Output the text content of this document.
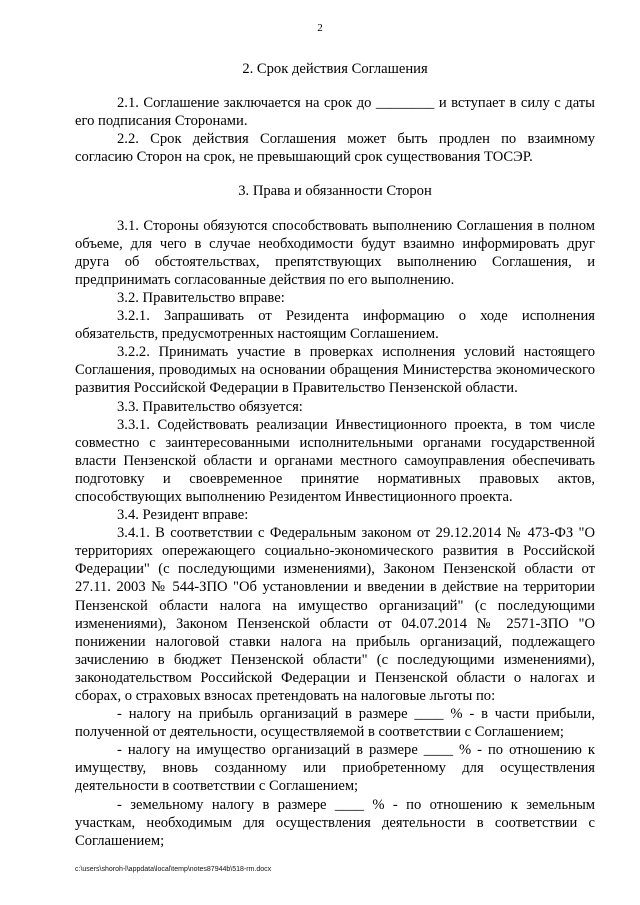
2

2. Срок действия Соглашения

2.1. Соглашение заключается на срок до ________ и вступает в силу с даты его подписания Сторонами.

2.2. Срок действия Соглашения может быть продлен по взаимному согласию Сторон на срок, не превышающий срок существования ТОСЭР.

3. Права и обязанности Сторон

3.1. Стороны обязуются способствовать выполнению Соглашения в полном объеме, для чего в случае необходимости будут взаимно информировать друг друга об обстоятельствах, препятствующих выполнению Соглашения, и предпринимать согласованные действия по его выполнению.

3.2. Правительство вправе:

3.2.1. Запрашивать от Резидента информацию о ходе исполнения обязательств, предусмотренных настоящим Соглашением.

3.2.2. Принимать участие в проверках исполнения условий настоящего Соглашения, проводимых на основании обращения Министерства экономического развития Российской Федерации в Правительство Пензенской области.

3.3. Правительство обязуется:

3.3.1. Содействовать реализации Инвестиционного проекта, в том числе совместно с заинтересованными исполнительными органами государственной власти Пензенской области и органами местного самоуправления обеспечивать подготовку и своевременное принятие нормативных правовых актов, способствующих выполнению Резидентом Инвестиционного проекта.

3.4. Резидент вправе:

3.4.1. В соответствии с Федеральным законом от 29.12.2014 № 473-ФЗ "О территориях опережающего социально-экономического развития в Российской Федерации" (с последующими изменениями), Законом Пензенской области от 27.11. 2003 № 544-ЗПО "Об установлении и введении в действие на территории Пензенской области налога на имущество организаций" (с последующими изменениями), Законом Пензенской области от 04.07.2014 № 2571-ЗПО "О понижении налоговой ставки налога на прибыль организаций, подлежащего зачислению в бюджет Пензенской области" (с последующими изменениями), законодательством Российской Федерации и Пензенской области о налогах и сборах, о страховых взносах претендовать на налоговые льготы по:

- налогу на прибыль организаций в размере ____ % - в части прибыли, полученной от деятельности, осуществляемой в соответствии с Соглашением;

- налогу на имущество организаций в размере ____ % - по отношению к имуществу, вновь созданному или приобретенному для осуществления деятельности в соответствии с Соглашением;

- земельному налогу в размере ____ % - по отношению к земельным участкам, необходимым для осуществления деятельности в соответствии с Соглашением;

c:\users\shoroh-l\appdata\local\temp\notes87944b\518-rm.docx
